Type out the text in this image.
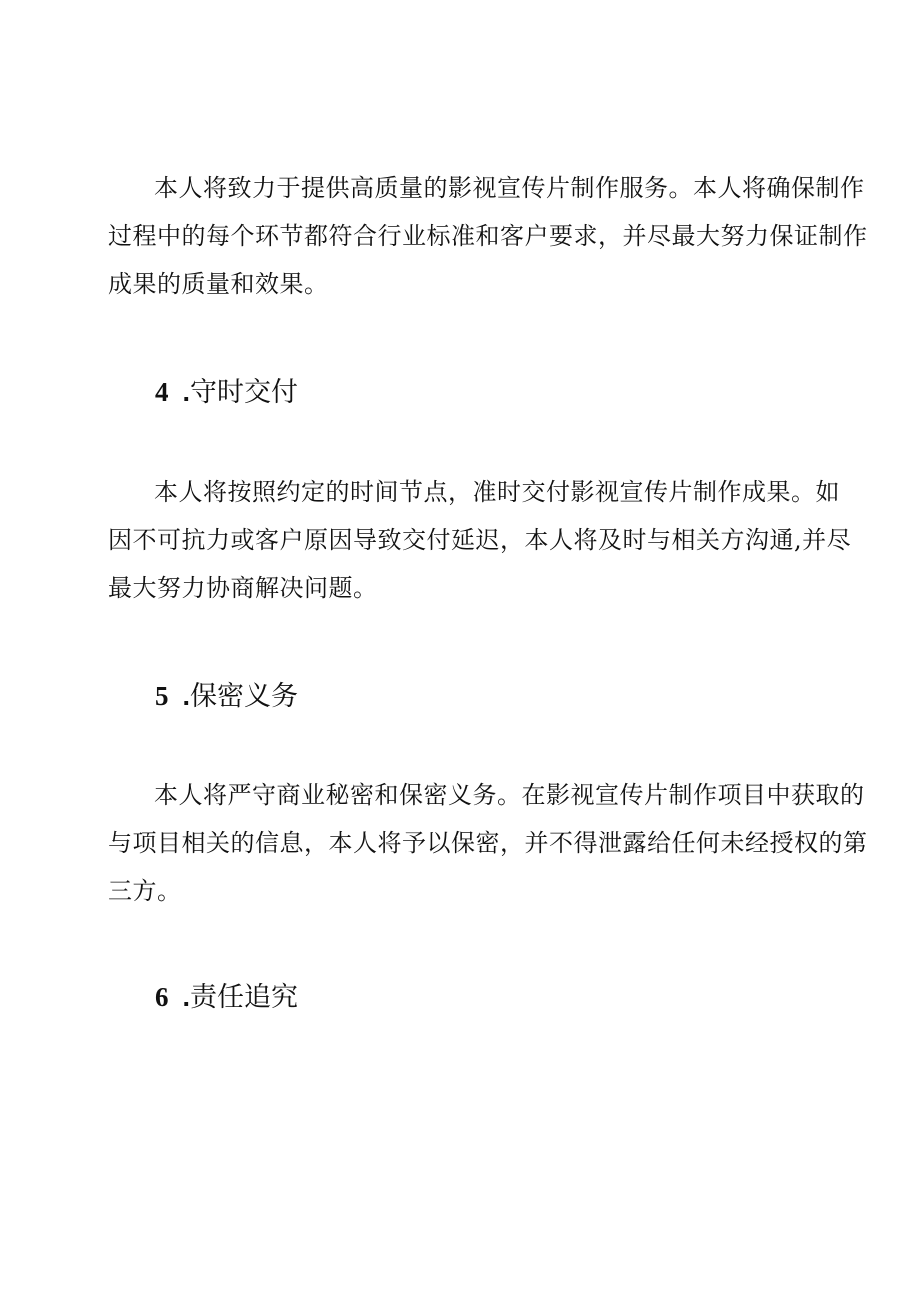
本人将致力于提供高质量的影视宣传片制作服务。本人将确保制作
过程中的每个环节都符合行业标准和客户要求，并尽最大努力保证制作
成果的质量和效果。

4 .守时交付

本人将按照约定的时间节点，准时交付影视宣传片制作成果。如
因不可抗力或客户原因导致交付延迟，本人将及时与相关方沟通,并尽
最大努力协商解决问题。

5 .保密义务

本人将严守商业秘密和保密义务。在影视宣传片制作项目中获取的
与项目相关的信息，本人将予以保密，并不得泄露给任何未经授权的第
三方。

6 .责任追究
